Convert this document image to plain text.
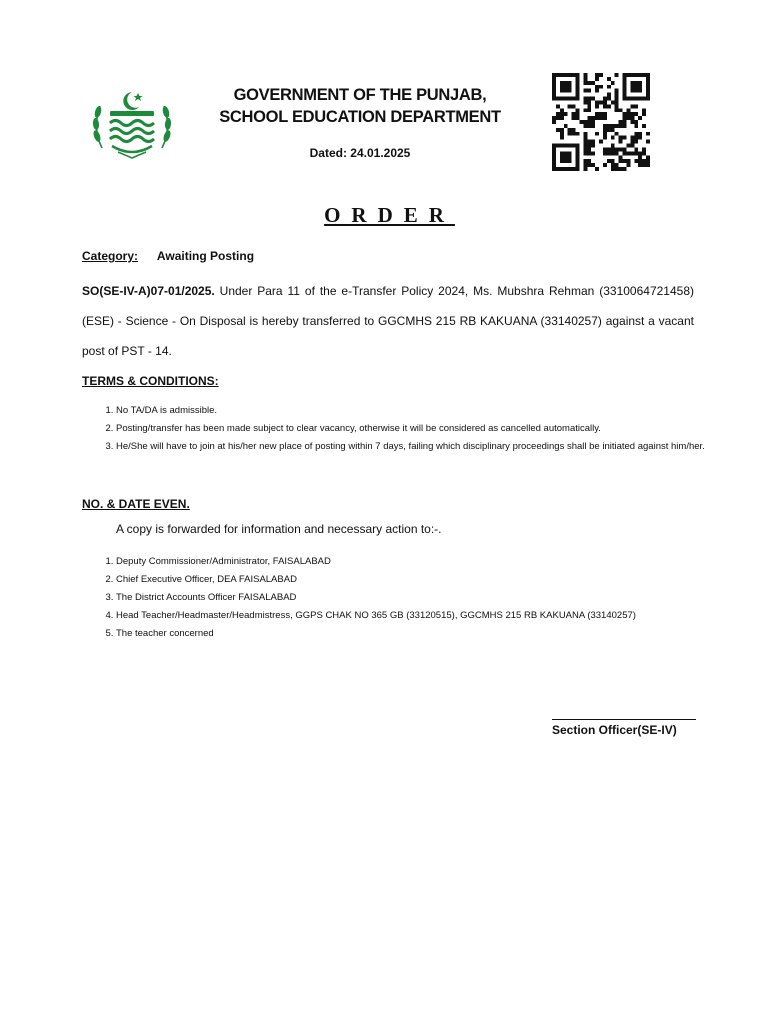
GOVERNMENT OF THE PUNJAB,
SCHOOL EDUCATION DEPARTMENT
Dated: 24.01.2025
ORDER
Category: Awaiting Posting
SO(SE-IV-A)07-01/2025. Under Para 11 of the e-Transfer Policy 2024, Ms. Mubshra Rehman (3310064721458) (ESE) - Science - On Disposal is hereby transferred to GGCMHS 215 RB KAKUANA (33140257) against a vacant post of PST - 14.
TERMS & CONDITIONS:
1. No TA/DA is admissible.
2. Posting/transfer has been made subject to clear vacancy, otherwise it will be considered as cancelled automatically.
3. He/She will have to join at his/her new place of posting within 7 days, failing which disciplinary proceedings shall be initiated against him/her.
NO. & DATE EVEN.
A copy is forwarded for information and necessary action to:-.
1. Deputy Commissioner/Administrator, FAISALABAD
2. Chief Executive Officer, DEA FAISALABAD
3. The District Accounts Officer FAISALABAD
4. Head Teacher/Headmaster/Headmistress, GGPS CHAK NO 365 GB (33120515), GGCMHS 215 RB KAKUANA (33140257)
5. The teacher concerned
Section Officer(SE-IV)
